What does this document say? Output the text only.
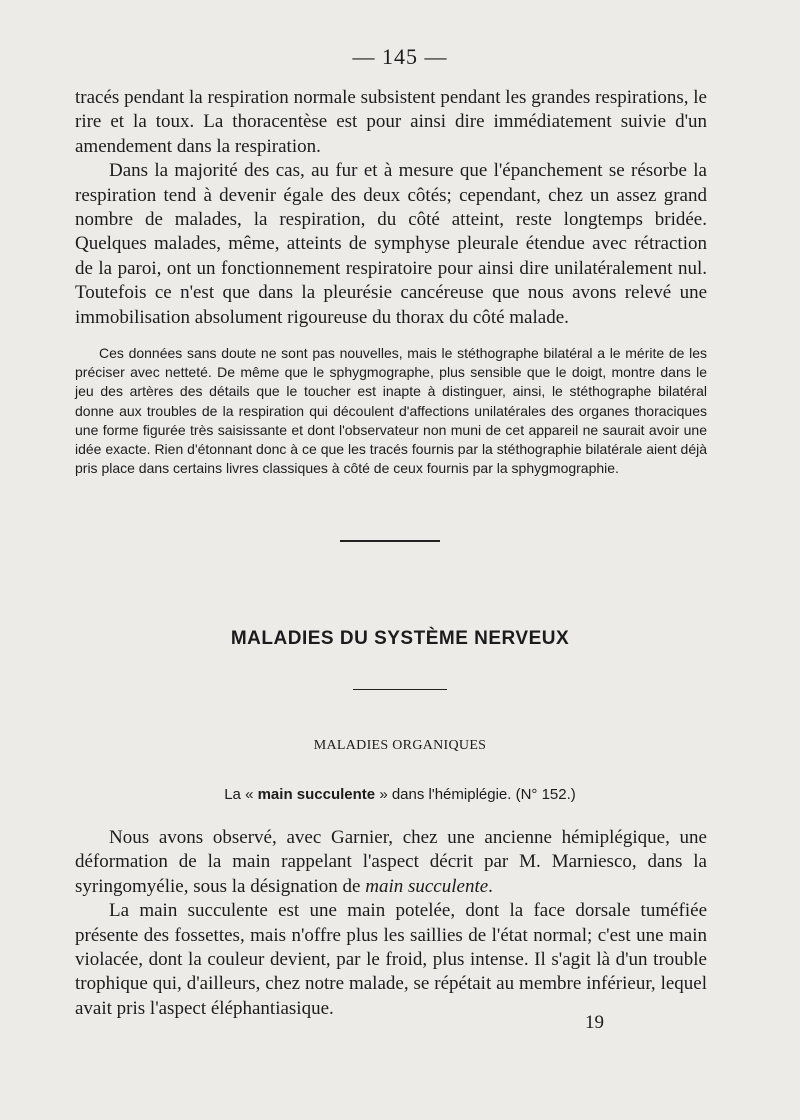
— 145 —

tracés pendant la respiration normale subsistent pendant les grandes respirations, le rire et la toux. La thoracentèse est pour ainsi dire immédiatement suivie d'un amendement dans la respiration.

Dans la majorité des cas, au fur et à mesure que l'épanchement se résorbe la respiration tend à devenir égale des deux côtés; cependant, chez un assez grand nombre de malades, la respiration, du côté atteint, reste longtemps bridée. Quelques malades, même, atteints de symphyse pleurale étendue avec rétraction de la paroi, ont un fonctionnement respiratoire pour ainsi dire unilatéralement nul. Toutefois ce n'est que dans la pleurésie cancéreuse que nous avons relevé une immobilisation absolument rigoureuse du thorax du côté malade.

Ces données sans doute ne sont pas nouvelles, mais le stéthographe bilatéral a le mérite de les préciser avec netteté. De même que le sphygmographe, plus sensible que le doigt, montre dans le jeu des artères des détails que le toucher est inapte à distinguer, ainsi, le stéthographe bilatéral donne aux troubles de la respiration qui découlent d'affections unilatérales des organes thoraciques une forme figurée très saisissante et dont l'observateur non muni de cet appareil ne saurait avoir une idée exacte. Rien d'étonnant donc à ce que les tracés fournis par la stéthographie bilatérale aient déjà pris place dans certains livres classiques à côté de ceux fournis par la sphygmographie.

MALADIES DU SYSTÈME NERVEUX
MALADIES ORGANIQUES
La « main succulente » dans l'hémiplégie. (N° 152.)

Nous avons observé, avec Garnier, chez une ancienne hémiplégique, une déformation de la main rappelant l'aspect décrit par M. Marniesco, dans la syringomyélie, sous la désignation de main succulente.

La main succulente est une main potelée, dont la face dorsale tuméfiée présente des fossettes, mais n'offre plus les saillies de l'état normal; c'est une main violacée, dont la couleur devient, par le froid, plus intense. Il s'agit là d'un trouble trophique qui, d'ailleurs, chez notre malade, se répétait au membre inférieur, lequel avait pris l'aspect éléphantiasique.

19
